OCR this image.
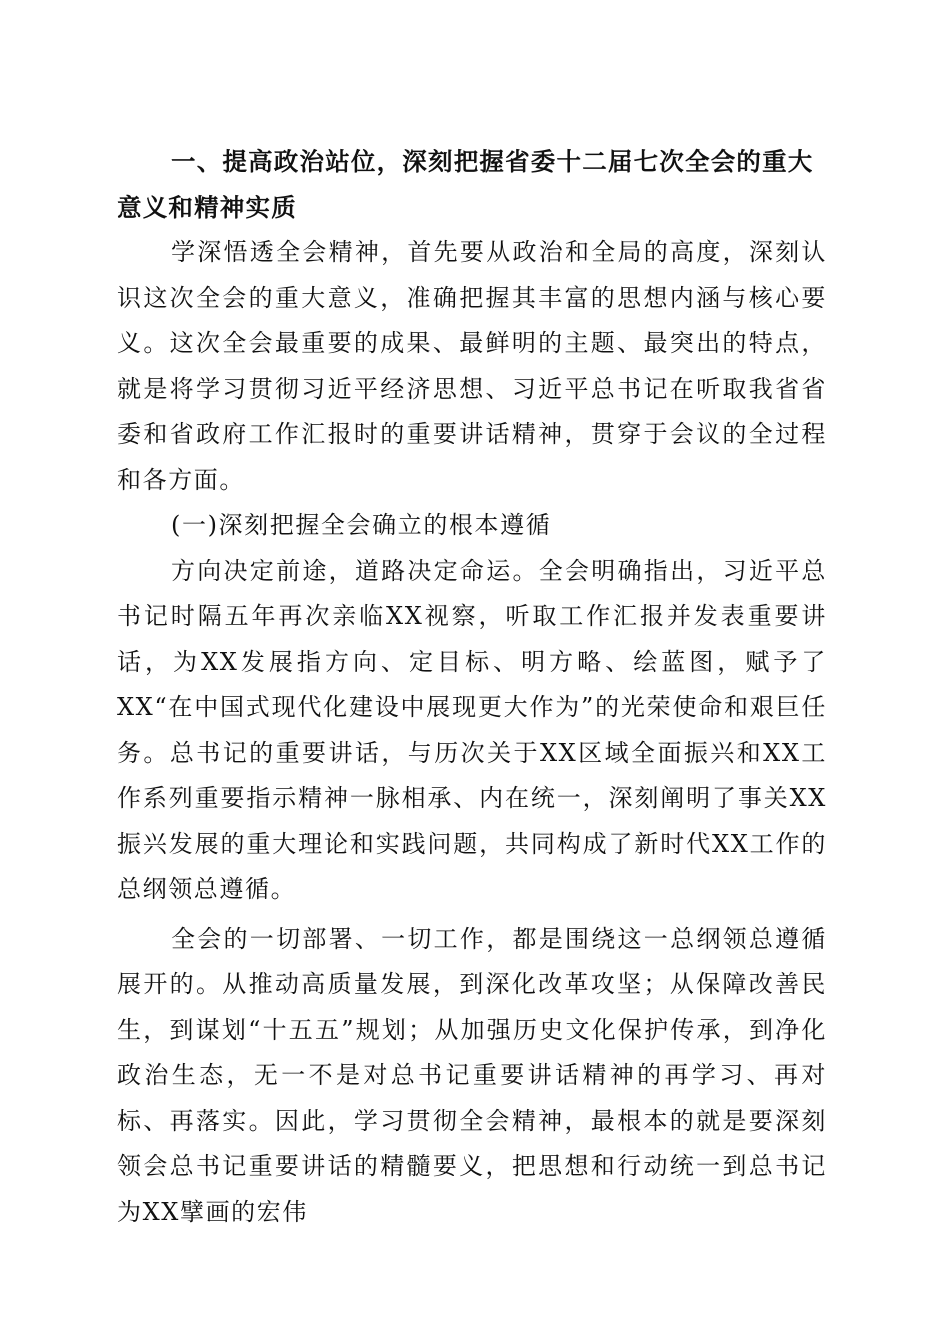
一、提高政治站位，深刻把握省委十二届七次全会的重大意义和精神实质

学深悟透全会精神，首先要从政治和全局的高度，深刻认识这次全会的重大意义，准确把握其丰富的思想内涵与核心要义。这次全会最重要的成果、最鲜明的主题、最突出的特点，就是将学习贯彻习近平经济思想、习近平总书记在听取我省省委和省政府工作汇报时的重要讲话精神，贯穿于会议的全过程和各方面。

(一)深刻把握全会确立的根本遵循

方向决定前途，道路决定命运。全会明确指出，习近平总书记时隔五年再次亲临XX视察，听取工作汇报并发表重要讲话，为XX发展指方向、定目标、明方略、绘蓝图，赋予了XX“在中国式现代化建设中展现更大作为”的光荣使命和艰巨任务。总书记的重要讲话，与历次关于XX区域全面振兴和XX工作系列重要指示精神一脉相承、内在统一，深刻阐明了事关XX振兴发展的重大理论和实践问题，共同构成了新时代XX工作的总纲领总遵循。

全会的一切部署、一切工作，都是围绕这一总纲领总遵循展开的。从推动高质量发展，到深化改革攻坚；从保障改善民生，到谋划“十五五”规划；从加强历史文化保护传承，到净化政治生态，无一不是对总书记重要讲话精神的再学习、再对标、再落实。因此，学习贯彻全会精神，最根本的就是要深刻领会总书记重要讲话的精髓要义，把思想和行动统一到总书记为XX擘画的宏伟
